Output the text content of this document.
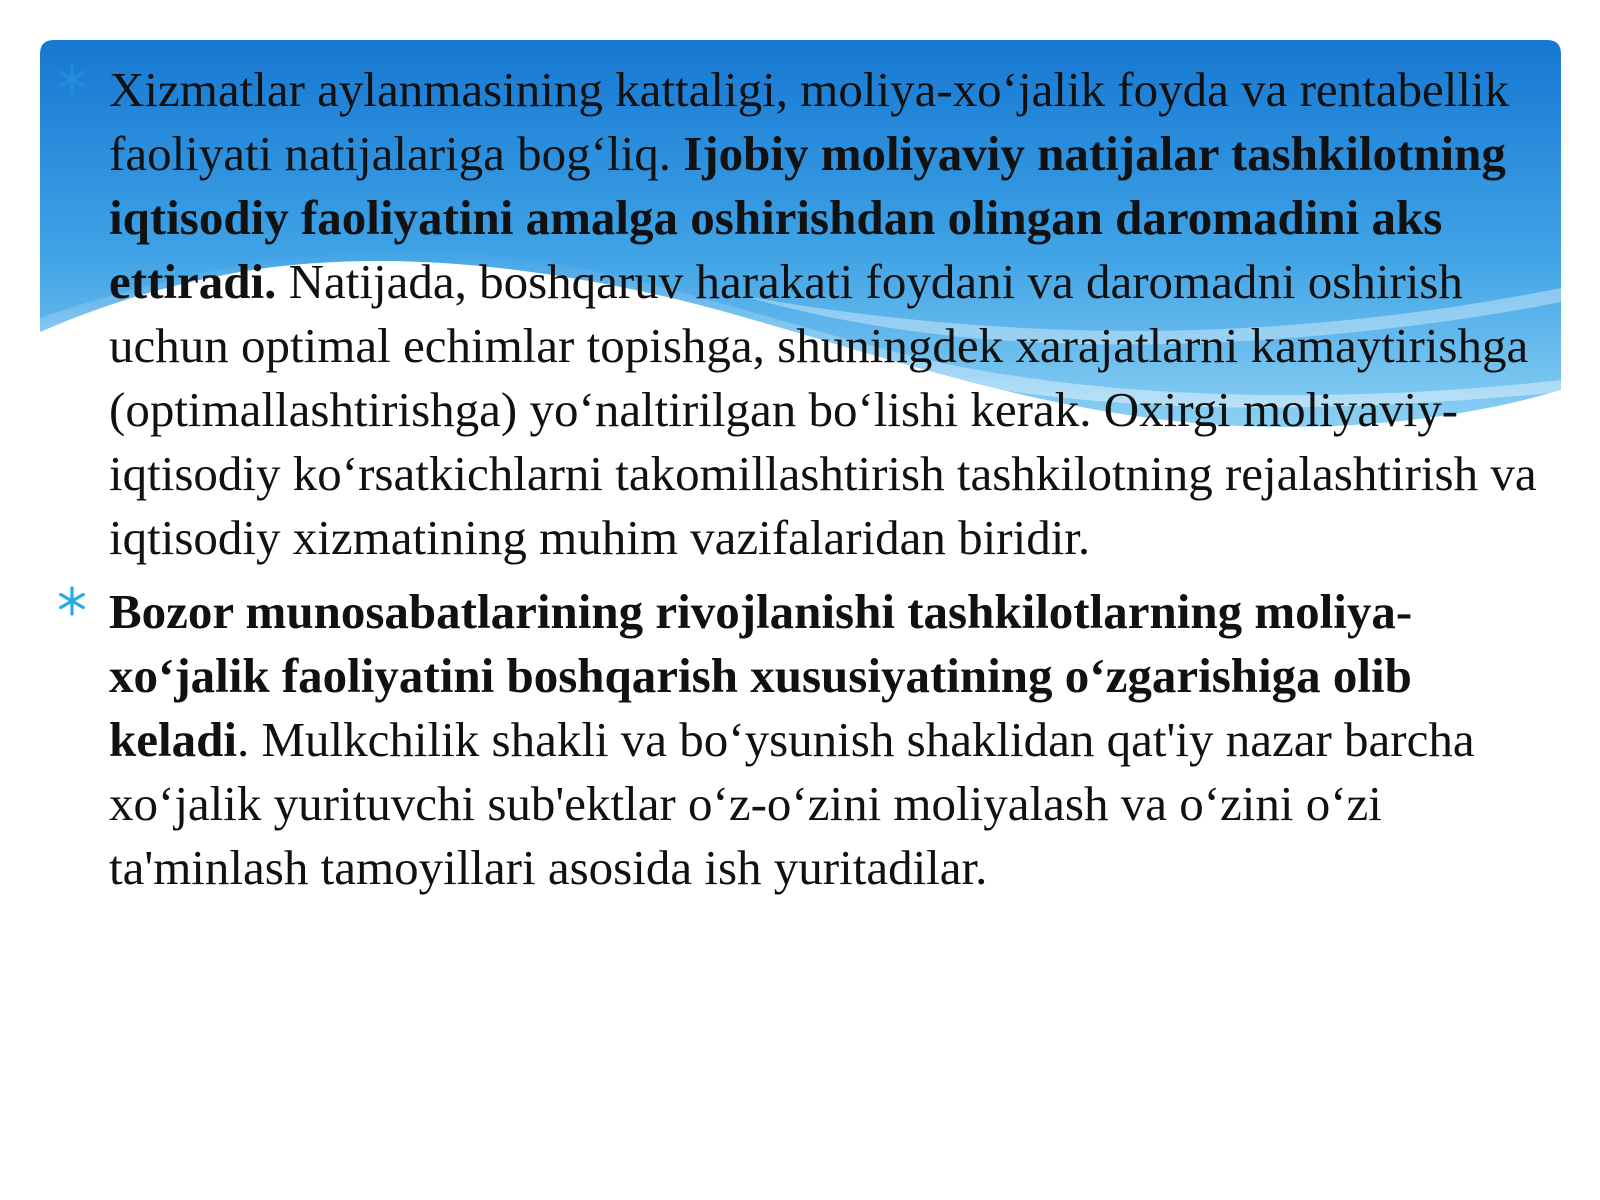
Xizmatlar aylanmasining kattaligi, moliya-xo‘jalik foyda va rentabellik faoliyati natijalariga bog‘liq. Ijobiy moliyaviy natijalar tashkilotning iqtisodiy faoliyatini amalga oshirishdan olingan daromadini aks ettiradi. Natijada, boshqaruv harakati foydani va daromadni oshirish uchun optimal echimlar topishga, shuningdek xarajatlarni kamaytirishga (optimallashtirishga) yo‘naltirilgan bo‘lishi kerak. Oxirgi moliyaviy-iqtisodiy ko‘rsatkichlarni takomillashtirish tashkilotning rejalashtirish va iqtisodiy xizmatining muhim vazifalaridan biridir.
Bozor munosabatlarining rivojlanishi tashkilotlarning moliya-xo‘jalik faoliyatini boshqarish xususiyatining o‘zgarishiga olib keladi. Mulkchilik shakli va bo‘ysunish shaklidan qat'iy nazar barcha xo‘jalik yurituvchi sub'ektlar o‘z-o‘zini moliyalash va o‘zini o‘zi ta'minlash tamoyillari asosida ish yuritadilar.
